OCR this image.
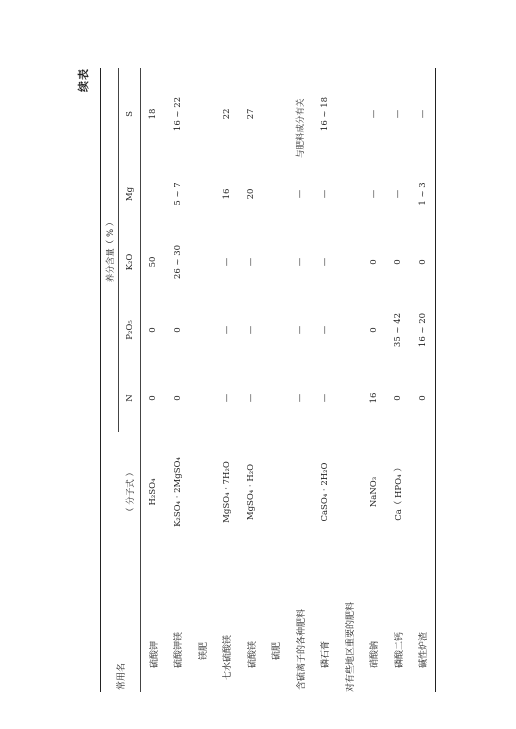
续表

常用名	（ 分子式 ）	养分含量（ % ）				
		N	P₂O₅	K₂O	Mg	S
硫酸钾	H₂SO₄	0	0	50		18
硫酸钾镁	K₂SO₄ · 2MgSO₄	0	0	26 ~ 30	5 ~ 7	16 ~ 22
镁肥						
七水硫酸镁	MgSO₄ · 7H₂O	—	—	—	16	22
硫酸镁	MgSO₄ · H₂O	—	—	—	20	27
硫肥						
含硫离子的各种肥料		—	—	—	—	与肥料成分有关
磷石膏	CaSO₄ · 2H₂O	—	—	—	—	16 ~ 18
对有些地区重要的肥料						
硝酸钠	NaNO₃	16	0	0	—	—
磷酸二钙	Ca（ HPO₄ ）	0	35 ~ 42	0	—	—
碱性炉渣		0	16 ~ 20	0	1 ~ 3	—
